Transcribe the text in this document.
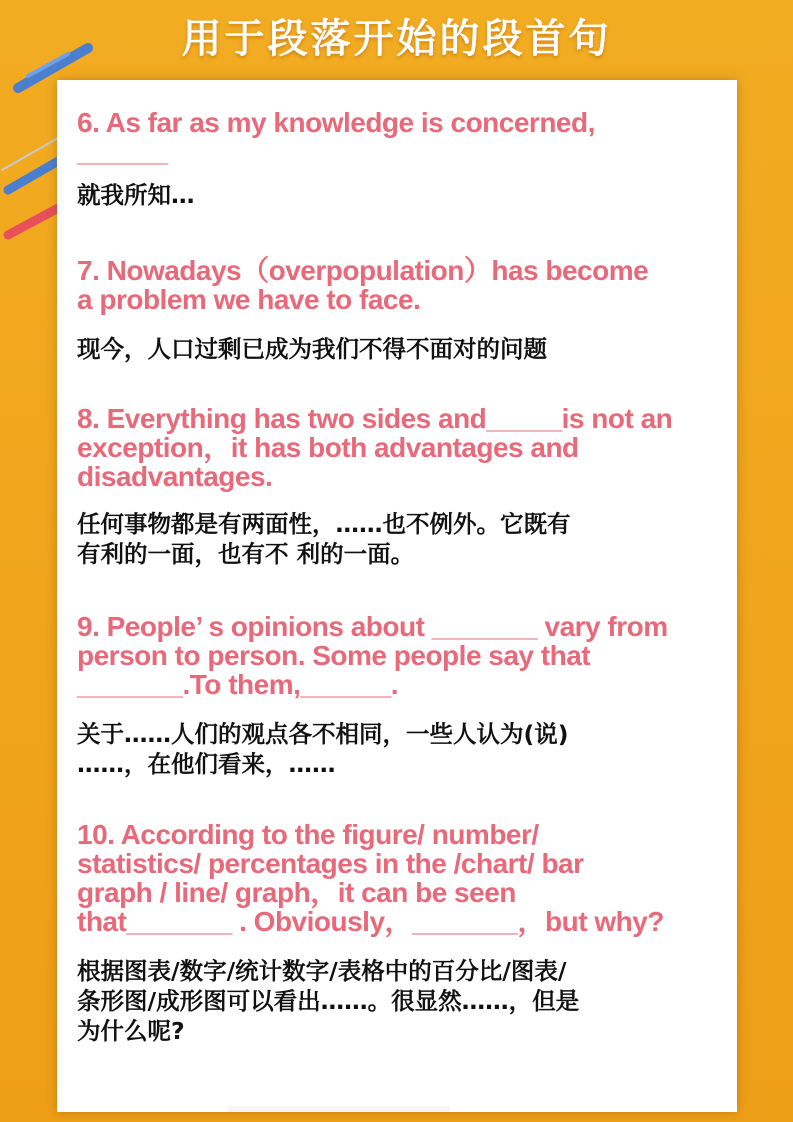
用于段落开始的段首句
6. As far as my knowledge is concerned,
______
就我所知…
7. Nowadays（overpopulation）has become
a problem we have to face.
现今，人口过剩已成为我们不得不面对的问题
8. Everything has two sides and_____is not an
exception，it has both advantages and
disadvantages.
任何事物都是有两面性，……也不例外。它既有
有利的一面，也有不 利的一面。
9. People’ s opinions about _______ vary from
person to person. Some people say that
_______.To them,______.
关于……人们的观点各不相同，一些人认为(说)
……，在他们看来，……
10. According to the figure/ number/
statistics/ percentages in the /chart/ bar
graph / line/ graph，it can be seen
that_______ . Obviously，_______，but why?
根据图表/数字/统计数字/表格中的百分比/图表/
条形图/成形图可以看出……。很显然……，但是
为什么呢?
